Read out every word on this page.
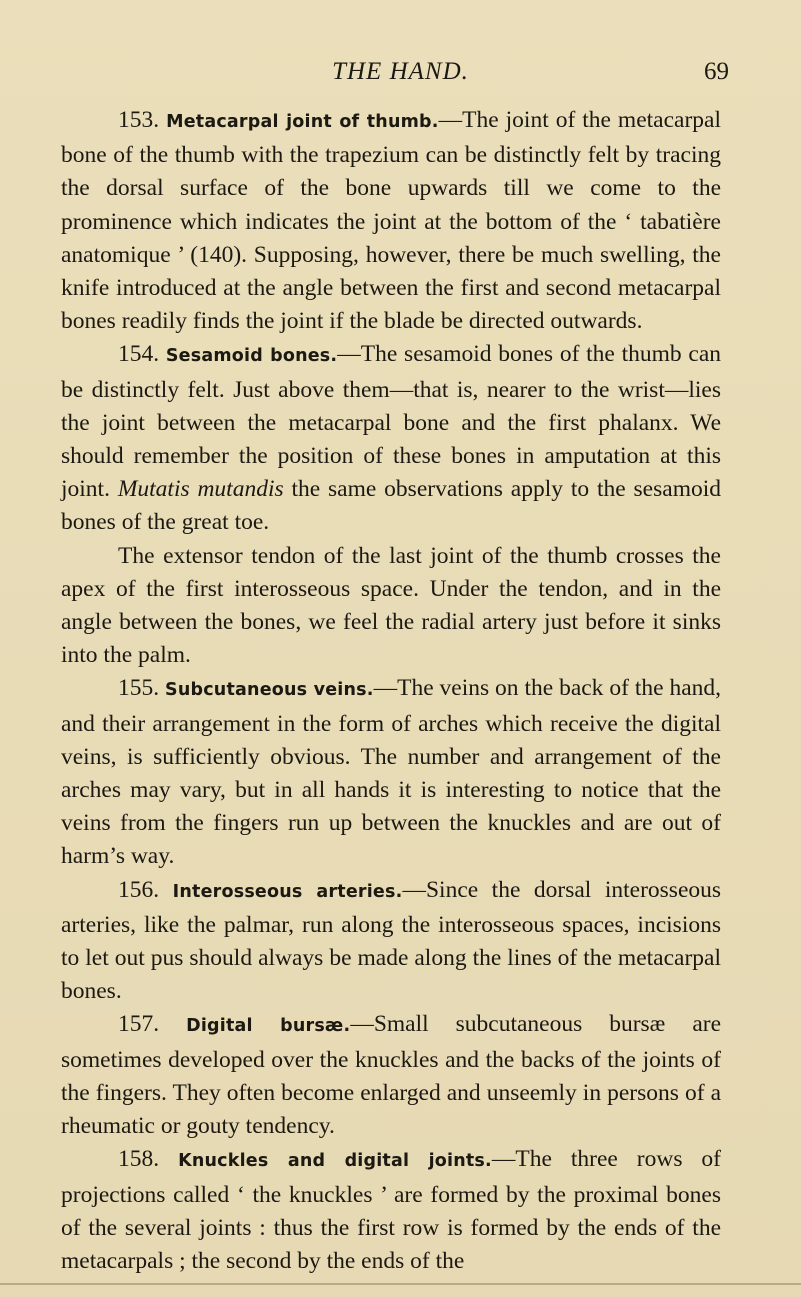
THE HAND.	69

153. Metacarpal joint of thumb.—The joint of the metacarpal bone of the thumb with the trapezium can be distinctly felt by tracing the dorsal surface of the bone upwards till we come to the prominence which indicates the joint at the bottom of the ‘ tabatière anatomique ’ (140). Supposing, however, there be much swelling, the knife introduced at the angle between the first and second metacarpal bones readily finds the joint if the blade be directed outwards.

154. Sesamoid bones.—The sesamoid bones of the thumb can be distinctly felt. Just above them—that is, nearer to the wrist—lies the joint between the metacarpal bone and the first phalanx. We should remember the position of these bones in amputation at this joint. Mutatis mutandis the same observations apply to the sesamoid bones of the great toe.

The extensor tendon of the last joint of the thumb crosses the apex of the first interosseous space. Under the tendon, and in the angle between the bones, we feel the radial artery just before it sinks into the palm.

155. Subcutaneous veins.—The veins on the back of the hand, and their arrangement in the form of arches which receive the digital veins, is sufficiently obvious. The number and arrangement of the arches may vary, but in all hands it is interesting to notice that the veins from the fingers run up between the knuckles and are out of harm’s way.

156. Interosseous arteries.—Since the dorsal interosseous arteries, like the palmar, run along the interosseous spaces, incisions to let out pus should always be made along the lines of the metacarpal bones.

157. Digital bursæ.—Small subcutaneous bursæ are sometimes developed over the knuckles and the backs of the joints of the fingers. They often become enlarged and unseemly in persons of a rheumatic or gouty tendency.

158. Knuckles and digital joints.—The three rows of projections called ‘ the knuckles ’ are formed by the proximal bones of the several joints : thus the first row is formed by the ends of the metacarpals ; the second by the ends of the
